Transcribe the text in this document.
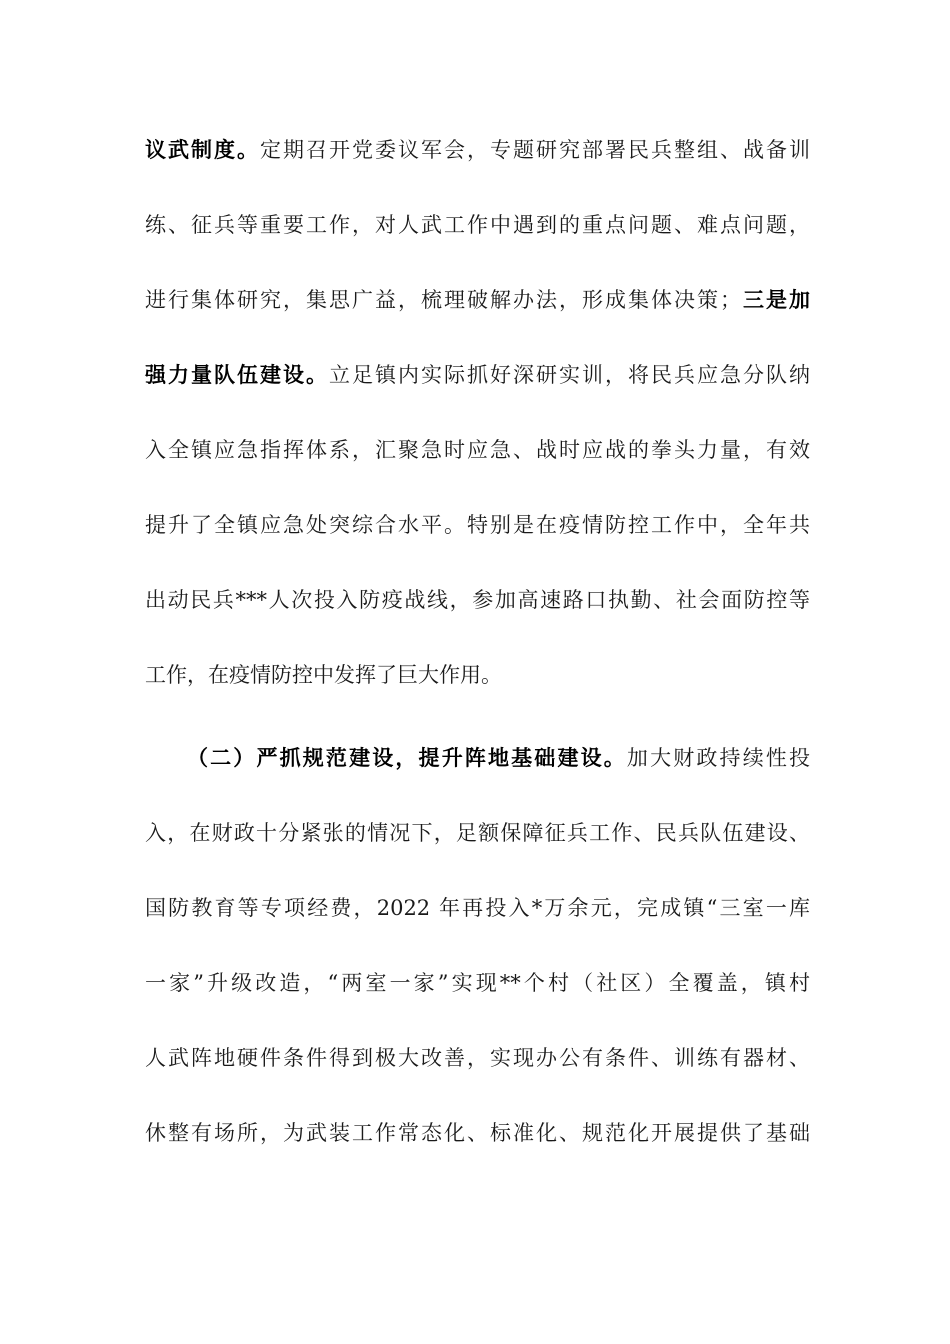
议武制度。定期召开党委议军会，专题研究部署民兵整组、战备训
练、征兵等重要工作，对人武工作中遇到的重点问题、难点问题，
进行集体研究，集思广益，梳理破解办法，形成集体决策；三是加
强力量队伍建设。立足镇内实际抓好深研实训，将民兵应急分队纳
入全镇应急指挥体系，汇聚急时应急、战时应战的拳头力量，有效
提升了全镇应急处突综合水平。特别是在疫情防控工作中，全年共
出动民兵***人次投入防疫战线，参加高速路口执勤、社会面防控等
工作，在疫情防控中发挥了巨大作用。
（二）严抓规范建设，提升阵地基础建设。加大财政持续性投
入，在财政十分紧张的情况下，足额保障征兵工作、民兵队伍建设、
国防教育等专项经费，2022 年再投入*万余元，完成镇“三室一库
一家”升级改造，“两室一家”实现**个村（社区）全覆盖，镇村
人武阵地硬件条件得到极大改善，实现办公有条件、训练有器材、
休整有场所，为武装工作常态化、标准化、规范化开展提供了基础
